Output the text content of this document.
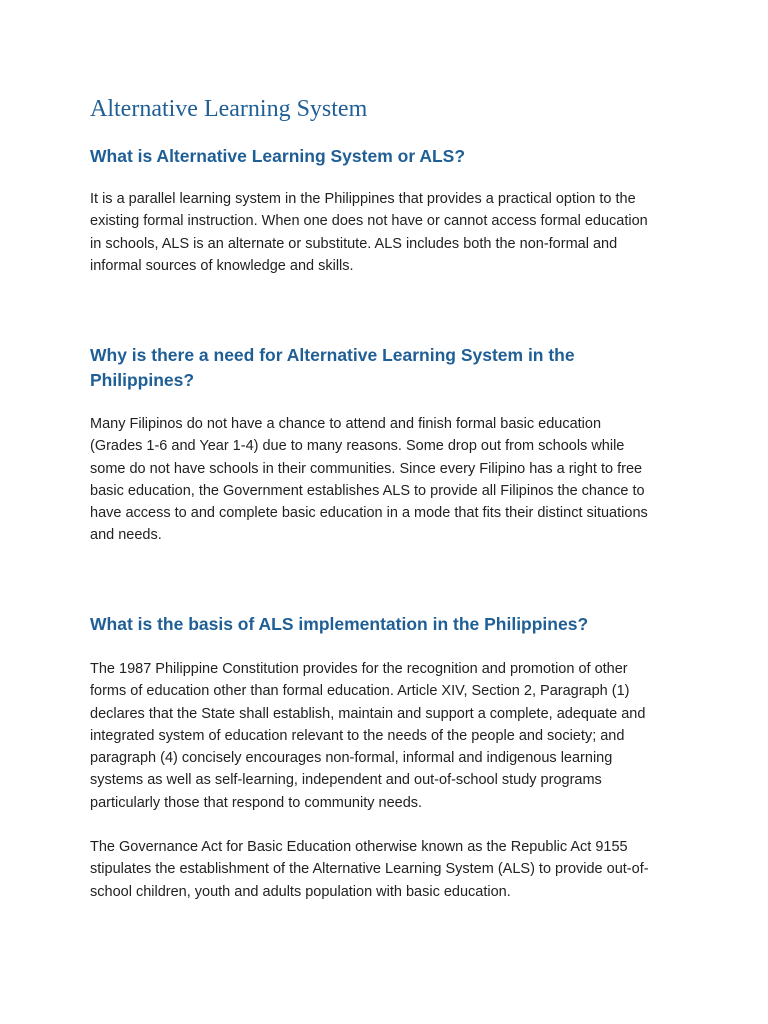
Alternative Learning System
What is Alternative Learning System or ALS?

It is a parallel learning system in the Philippines that provides a practical option to the
existing formal instruction. When one does not have or cannot access formal education
in schools, ALS is an alternate or substitute. ALS includes both the non-formal and
informal sources of knowledge and skills.

Why is there a need for Alternative Learning System in the
Philippines?

Many Filipinos do not have a chance to attend and finish formal basic education
(Grades 1-6 and Year 1-4) due to many reasons. Some drop out from schools while
some do not have schools in their communities. Since every Filipino has a right to free
basic education, the Government establishes ALS to provide all Filipinos the chance to
have access to and complete basic education in a mode that fits their distinct situations
and needs.

What is the basis of ALS implementation in the Philippines?

The 1987 Philippine Constitution provides for the recognition and promotion of other
forms of education other than formal education. Article XIV, Section 2, Paragraph (1)
declares that the State shall establish, maintain and support a complete, adequate and
integrated system of education relevant to the needs of the people and society; and
paragraph (4) concisely encourages non-formal, informal and indigenous learning
systems as well as self-learning, independent and out-of-school study programs
particularly those that respond to community needs.

The Governance Act for Basic Education otherwise known as the Republic Act 9155
stipulates the establishment of the Alternative Learning System (ALS) to provide out-of-
school children, youth and adults population with basic education.
